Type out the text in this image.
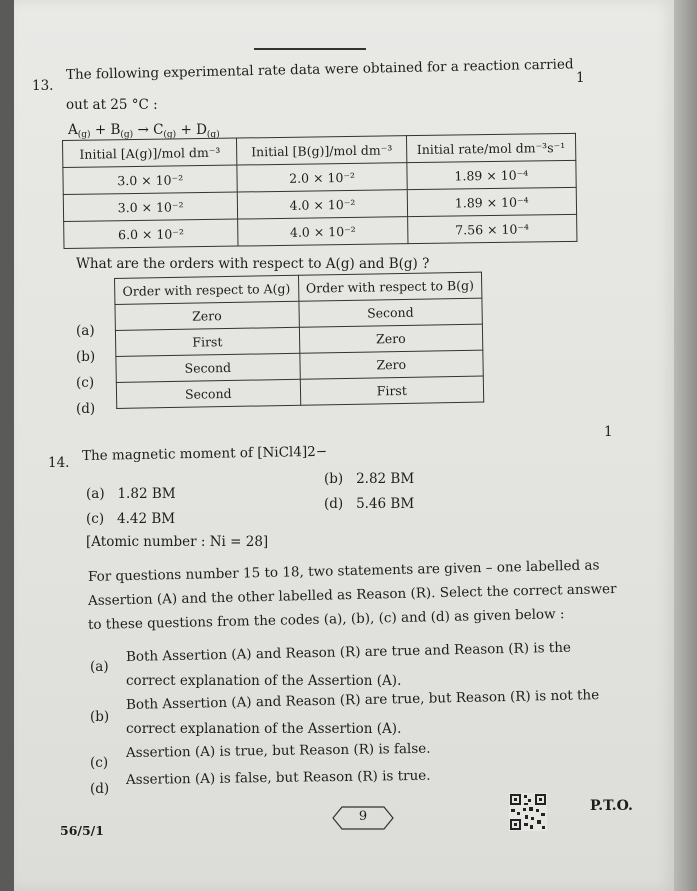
13.
The following experimental rate data were obtained for a reaction carried
out at 25 °C :
1
$A_{(g)} + B_{(g)} \to C_{(g)} + D_{(g)}$
Initial [A(g)]/mol dm⁻³	Initial [B(g)]/mol dm⁻³	Initial rate/mol dm⁻³s⁻¹
3.0 × 10⁻²	2.0 × 10⁻²	1.89 × 10⁻⁴
3.0 × 10⁻²	4.0 × 10⁻²	1.89 × 10⁻⁴
6.0 × 10⁻²	4.0 × 10⁻²	7.56 × 10⁻⁴
What are the orders with respect to A(g) and B(g) ?
Order with respect to A(g)	Order with respect to B(g)
Zero	Second
First	Zero
Second	Zero
Second	First
(a)
(b)
(c)
(d)
1
14. The magnetic moment of [NiCl4]2−
(a) 1.82 BM
(b) 2.82 BM
(c) 4.42 BM
(d) 5.46 BM
[Atomic number : Ni = 28]
For questions number 15 to 18, two statements are given – one labelled as
Assertion (A) and the other labelled as Reason (R). Select the correct answer
to these questions from the codes (a), (b), (c) and (d) as given below :
(a)
Both Assertion (A) and Reason (R) are true and Reason (R) is the
correct explanation of the Assertion (A).
(b)
Both Assertion (A) and Reason (R) are true, but Reason (R) is not the
correct explanation of the Assertion (A).
(c)
Assertion (A) is true, but Reason (R) is false.
(d)
Assertion (A) is false, but Reason (R) is true.
9
P.T.O.
56/5/1
